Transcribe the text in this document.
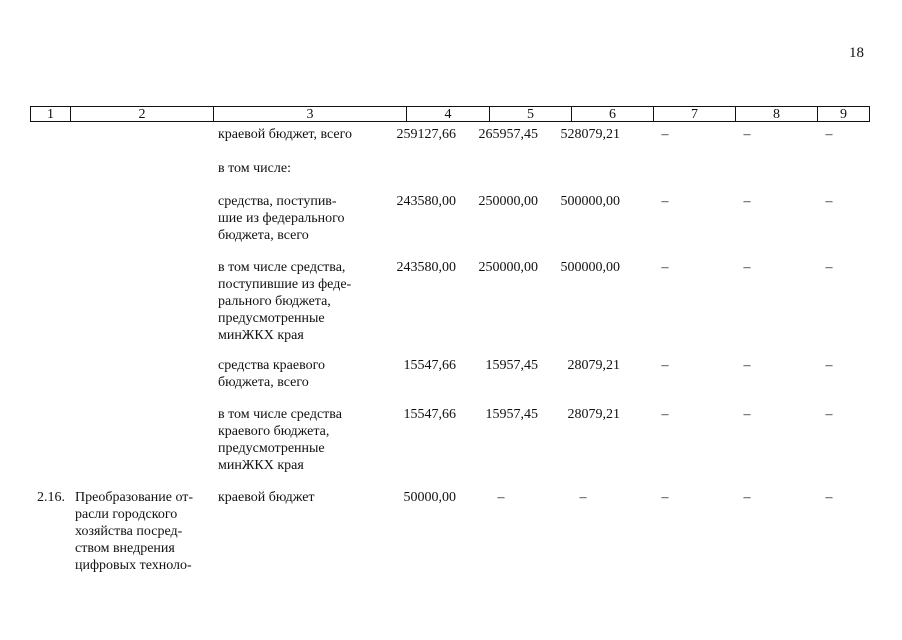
18
1	2	3	4	5	6	7	8	9
краевой бюджет, всего	259127,66	265957,45	528079,21	–	–	–
в том числе:
средства, поступив-
шие из федерального
бюджета, всего
243580,00	250000,00	500000,00	–	–	–
в том числе средства,
поступившие из феде-
рального бюджета,
предусмотренные
минЖКХ края
243580,00	250000,00	500000,00	–	–	–
средства краевого
бюджета, всего
15547,66	15957,45	28079,21	–	–	–
в том числе средства
краевого бюджета,
предусмотренные
минЖКХ края
15547,66	15957,45	28079,21	–	–	–
2.16. Преобразование от-
расли городского
хозяйства посред-
ством внедрения
цифровых техноло-
краевой бюджет	50000,00	–	–	–	–	–
